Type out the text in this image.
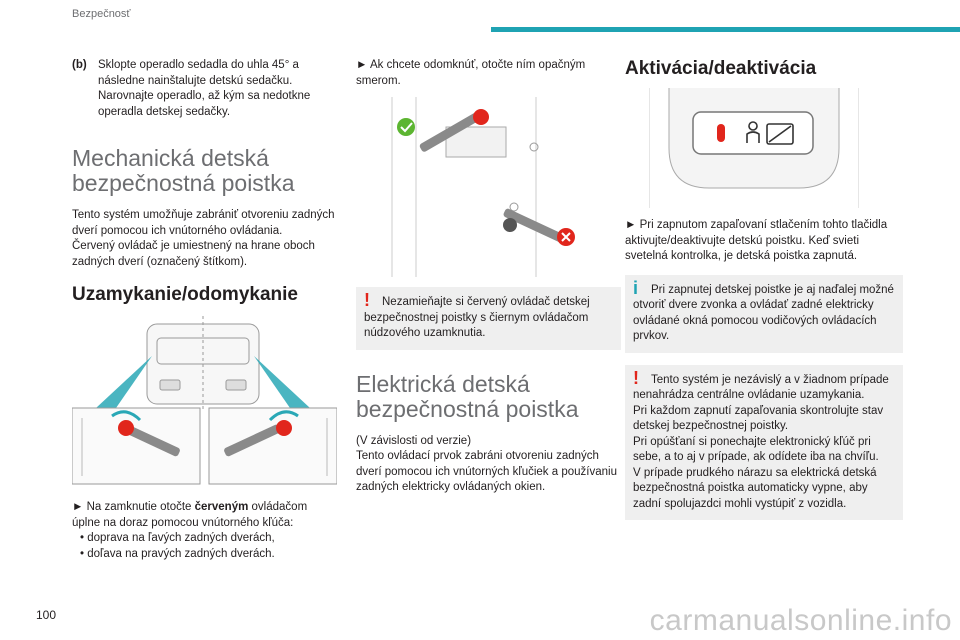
Bezpečnosť
100	carmanualsonline.info

(b) Sklopte operadlo sedadla do uhla 45° a následne nainštalujte detskú sedačku. Narovnajte operadlo, až kým sa nedotkne operadla detskej sedačky.

Mechanická detská bezpečnostná poistka

Tento systém umožňuje zabrániť otvoreniu zadných dverí pomocou ich vnútorného ovládania.

Červený ovládač je umiestnený na hrane oboch zadných dverí (označený štítkom).

Uzamykanie/odomykanie

► Na zamknutie otočte červeným ovládačom úplne na doraz pomocou vnútorného kľúča:

• doprava na ľavých zadných dverách,

• doľava na pravých zadných dverách.

► Ak chcete odomknúť, otočte ním opačným smerom.

!	Nezamieňajte si červený ovládač detskej bezpečnostnej poistky s čiernym ovládačom núdzového uzamknutia.

Elektrická detská bezpečnostná poistka

(V závislosti od verzie)

Tento ovládací prvok zabráni otvoreniu zadných dverí pomocou ich vnútorných kľučiek a používaniu zadných elektricky ovládaných okien.

Aktivácia/deaktivácia

► Pri zapnutom zapaľovaní stlačením tohto tlačidla aktivujte/deaktivujte detskú poistku. Keď svieti svetelná kontrolka, je detská poistka zapnutá.

i	Pri zapnutej detskej poistke je aj naďalej možné otvoriť dvere zvonka a ovládať zadné elektricky ovládané okná pomocou vodičových ovládacích prvkov.

!	Tento systém je nezávislý a v žiadnom prípade nenahrádza centrálne ovládanie uzamykania.

Pri každom zapnutí zapaľovania skontrolujte stav detskej bezpečnostnej poistky.

Pri opúšťaní si ponechajte elektronický kľúč pri sebe, a to aj v prípade, ak odídete iba na chvíľu.

V prípade prudkého nárazu sa elektrická detská bezpečnostná poistka automaticky vypne, aby zadní spolujazdci mohli vystúpiť z vozidla.
